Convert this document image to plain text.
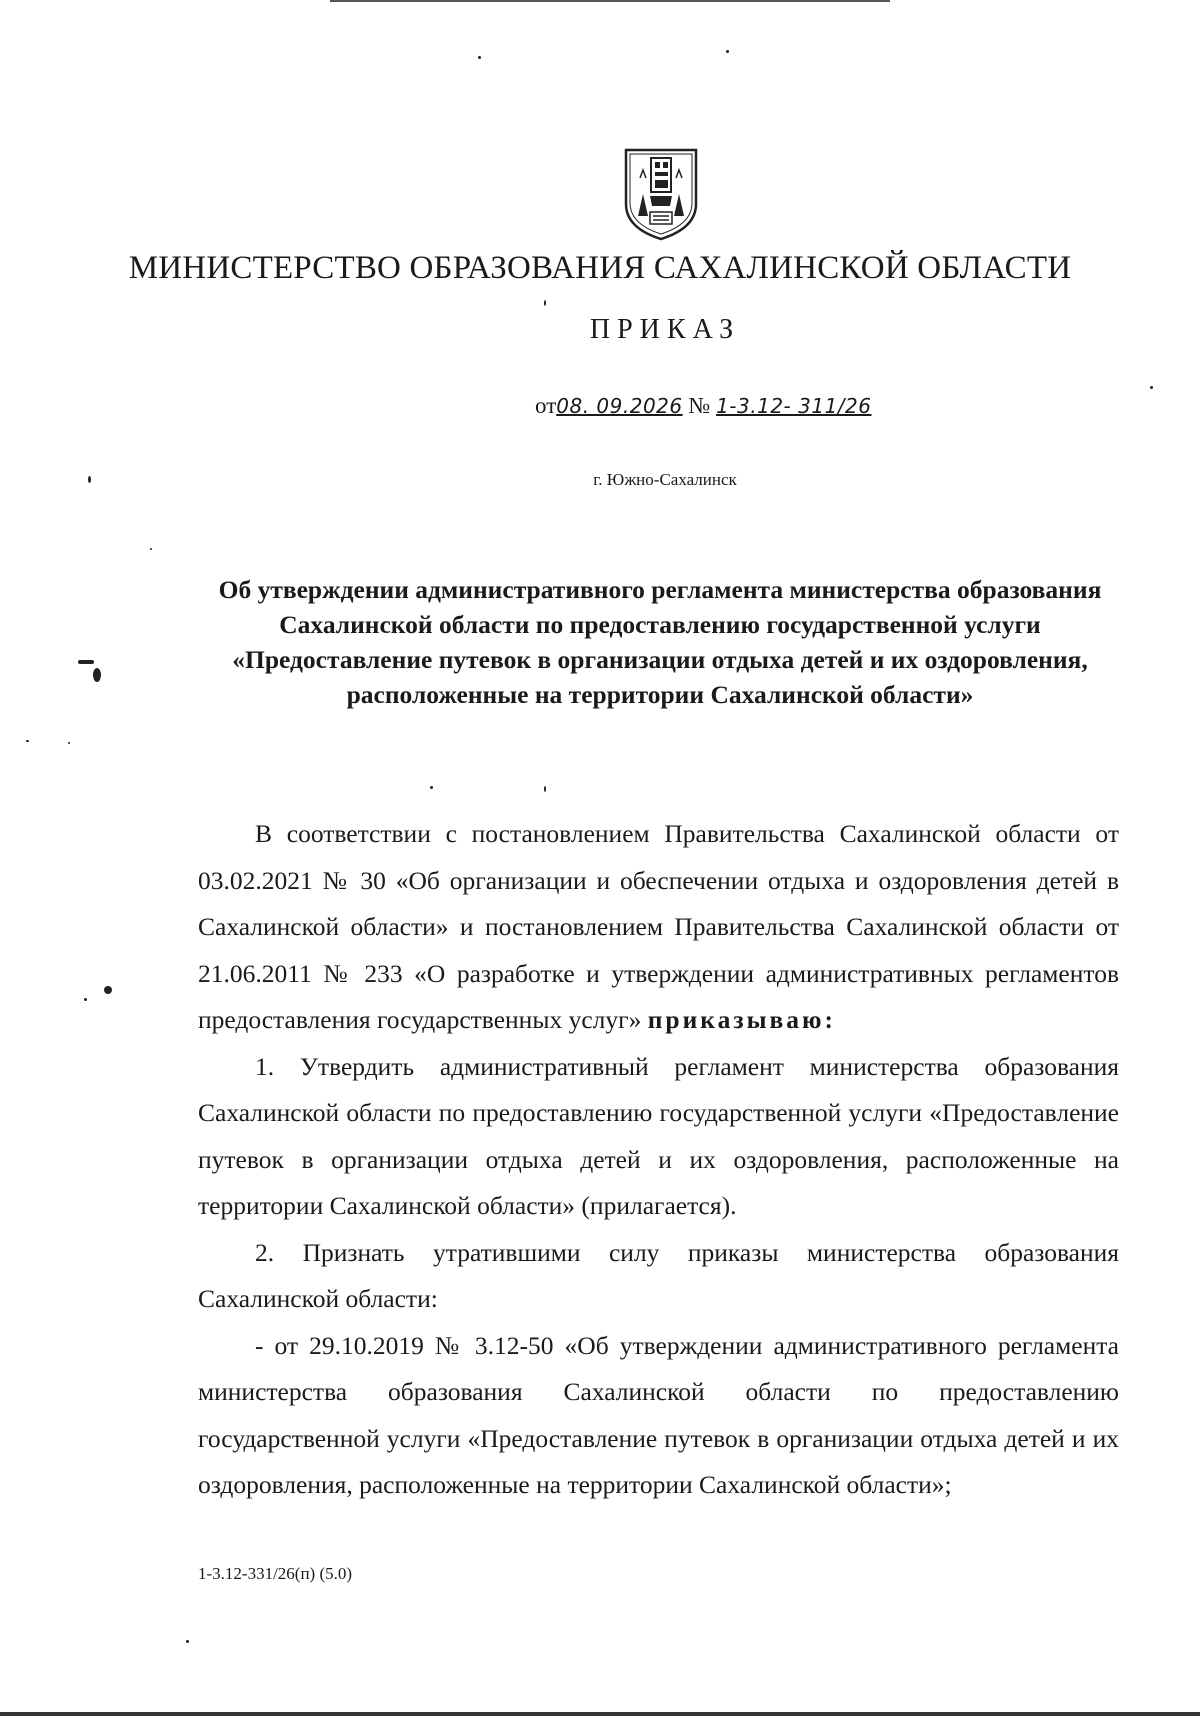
МИНИСТЕРСТВО ОБРАЗОВАНИЯ САХАЛИНСКОЙ ОБЛАСТИ
ПРИКАЗ
от08. 09.2026 № 1-3.12- 311/26
г. Южно-Сахалинск
Об утверждении административного регламента министерства образования Сахалинской области по предоставлению государственной услуги «Предоставление путевок в организации отдыха детей и их оздоровления, расположенные на территории Сахалинской области»

В соответствии с постановлением Правительства Сахалинской области от 03.02.2021 № 30 «Об организации и обеспечении отдыха и оздоровления детей в Сахалинской области» и постановлением Правительства Сахалинской области от 21.06.2011 № 233 «О разработке и утверждении административных регламентов предоставления государственных услуг» приказываю:

1. Утвердить административный регламент министерства образования Сахалинской области по предоставлению государственной услуги «Предоставление путевок в организации отдыха детей и их оздоровления, расположенные на территории Сахалинской области» (прилагается).

2. Признать утратившими силу приказы министерства образования Сахалинской области:

- от 29.10.2019 № 3.12-50 «Об утверждении административного регламента министерства образования Сахалинской области по предоставлению государственной услуги «Предоставление путевок в организации отдыха детей и их оздоровления, расположенные на территории Сахалинской области»;

1-3.12-331/26(п) (5.0)
